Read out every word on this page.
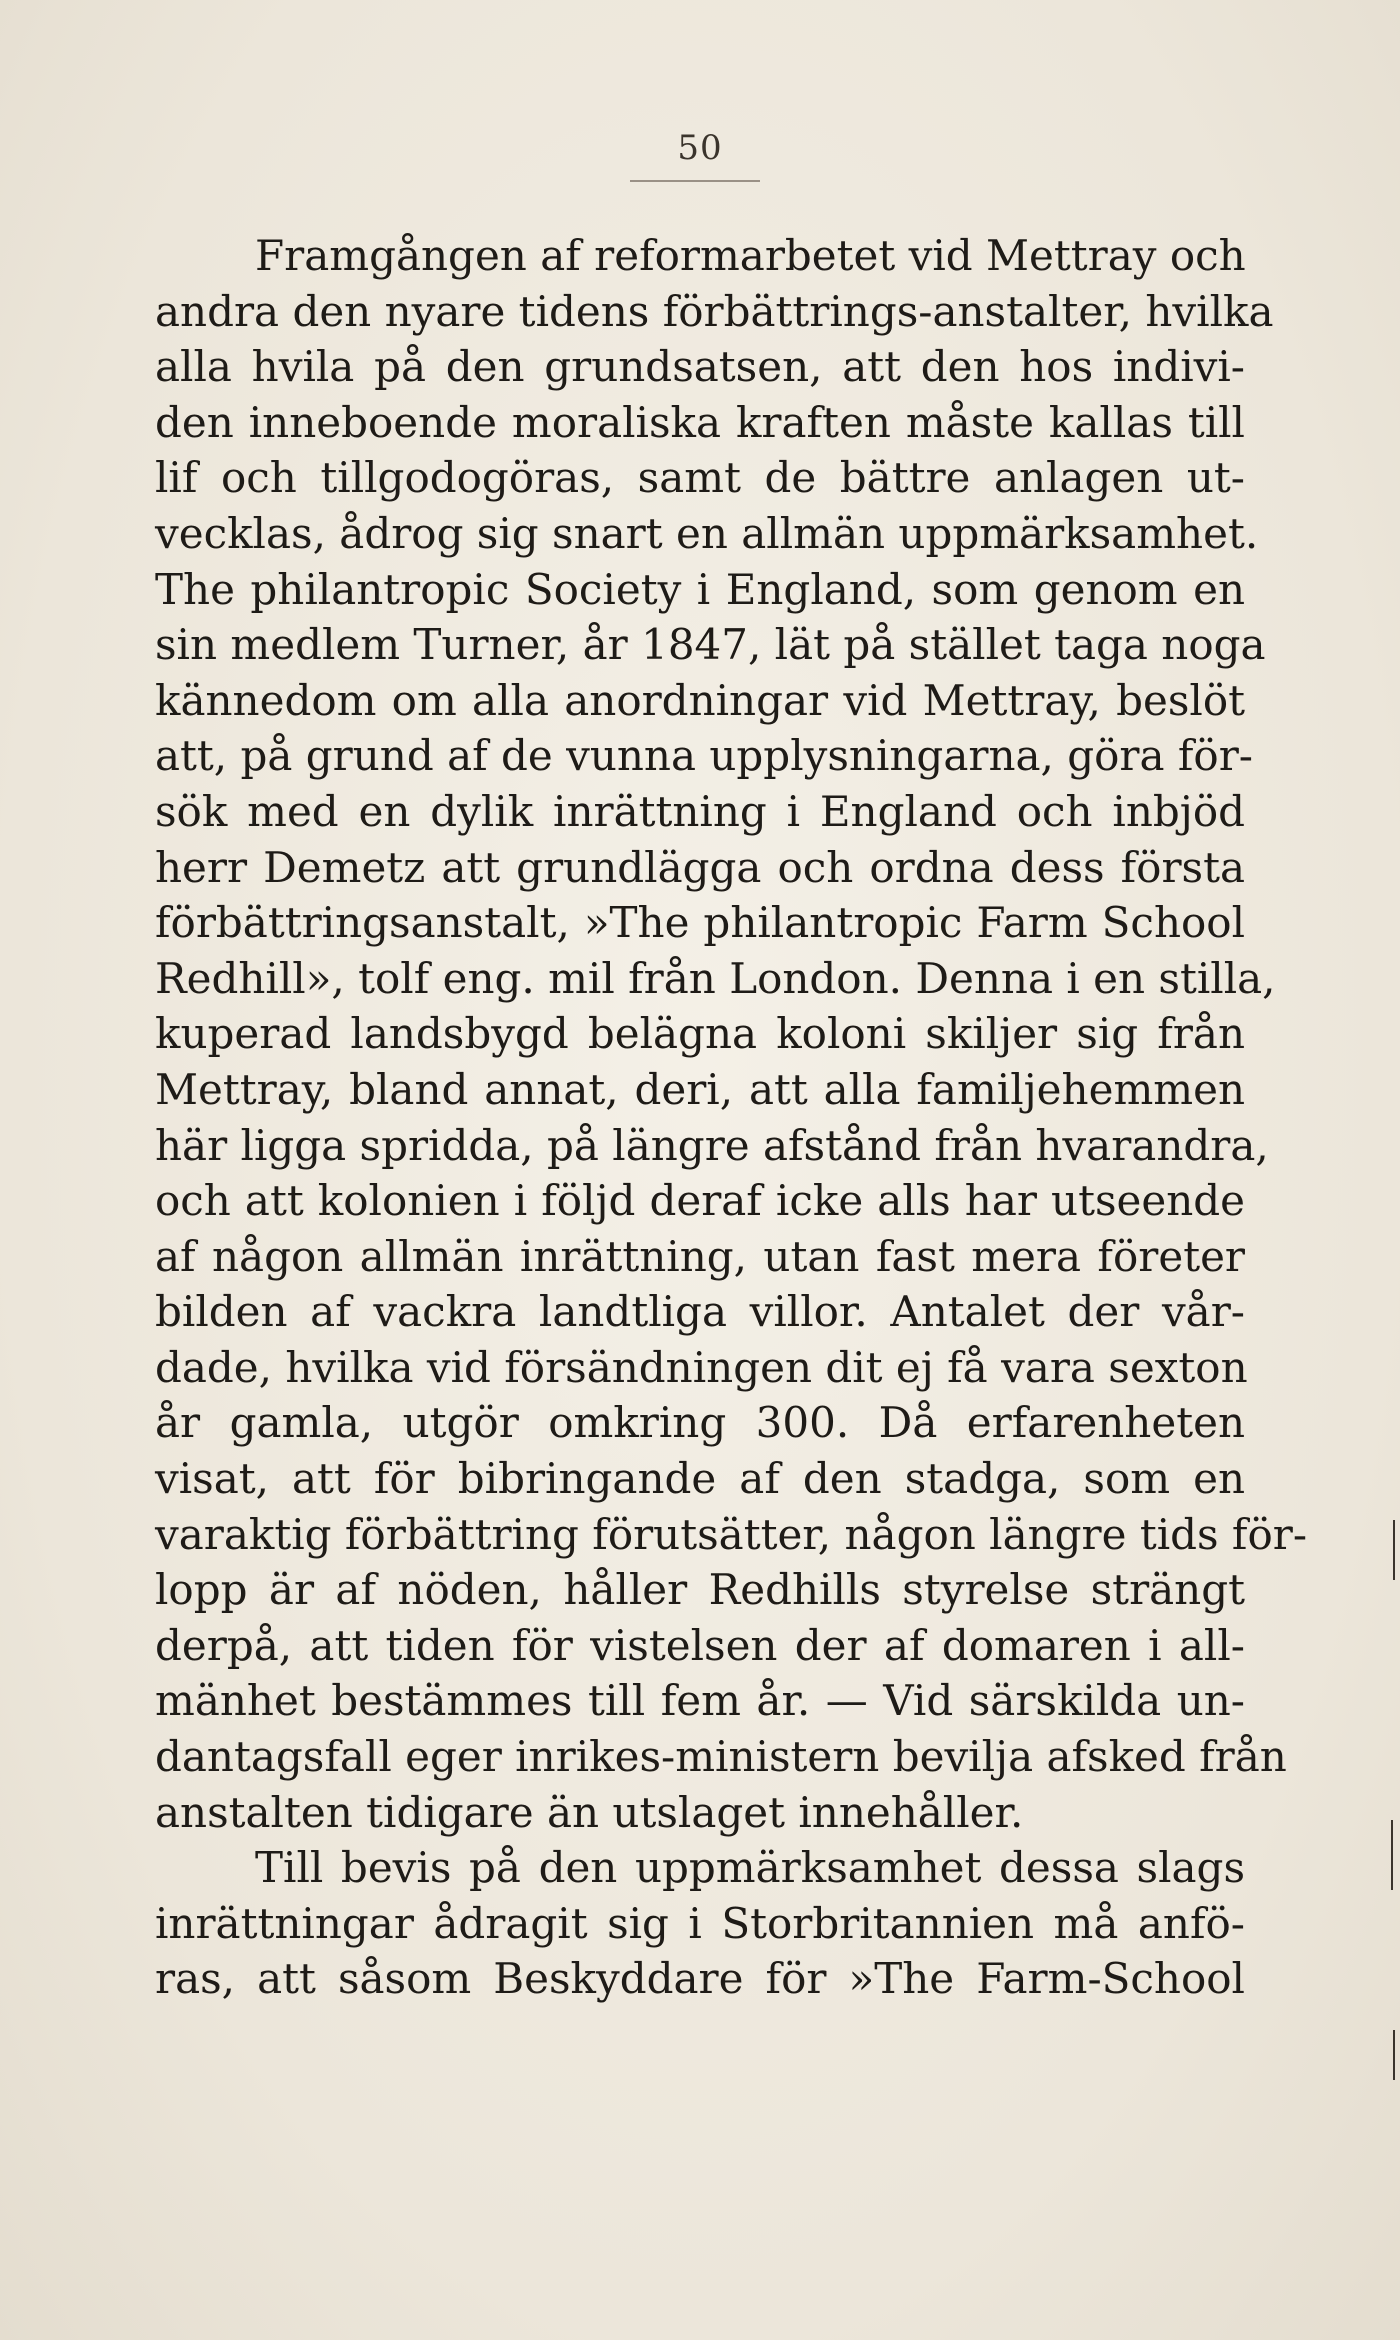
50
Framgången af reformarbetet vid Mettray och
andra den nyare tidens förbättrings-anstalter, hvilka
alla hvila på den grundsatsen, att den hos indivi-
den inneboende moraliska kraften måste kallas till
lif och tillgodogöras, samt de bättre anlagen ut-
vecklas, ådrog sig snart en allmän uppmärksamhet.
The philantropic Society i England, som genom en
sin medlem Turner, år 1847, lät på stället taga noga
kännedom om alla anordningar vid Mettray, beslöt
att, på grund af de vunna upplysningarna, göra för-
sök med en dylik inrättning i England och inbjöd
herr Demetz att grundlägga och ordna dess första
förbättringsanstalt, »The philantropic Farm School
Redhill», tolf eng. mil från London. Denna i en stilla,
kuperad landsbygd belägna koloni skiljer sig från
Mettray, bland annat, deri, att alla familjehemmen
här ligga spridda, på längre afstånd från hvarandra,
och att kolonien i följd deraf icke alls har utseende
af någon allmän inrättning, utan fast mera företer
bilden af vackra landtliga villor. Antalet der vår-
dade, hvilka vid försändningen dit ej få vara sexton
år gamla, utgör omkring 300. Då erfarenheten
visat, att för bibringande af den stadga, som en
varaktig förbättring förutsätter, någon längre tids för-
lopp är af nöden, håller Redhills styrelse strängt
derpå, att tiden för vistelsen der af domaren i all-
mänhet bestämmes till fem år. — Vid särskilda un-
dantagsfall eger inrikes-ministern bevilja afsked från
anstalten tidigare än utslaget innehåller.
Till bevis på den uppmärksamhet dessa slags
inrättningar ådragit sig i Storbritannien må anfö-
ras, att såsom Beskyddare för »The Farm-School
